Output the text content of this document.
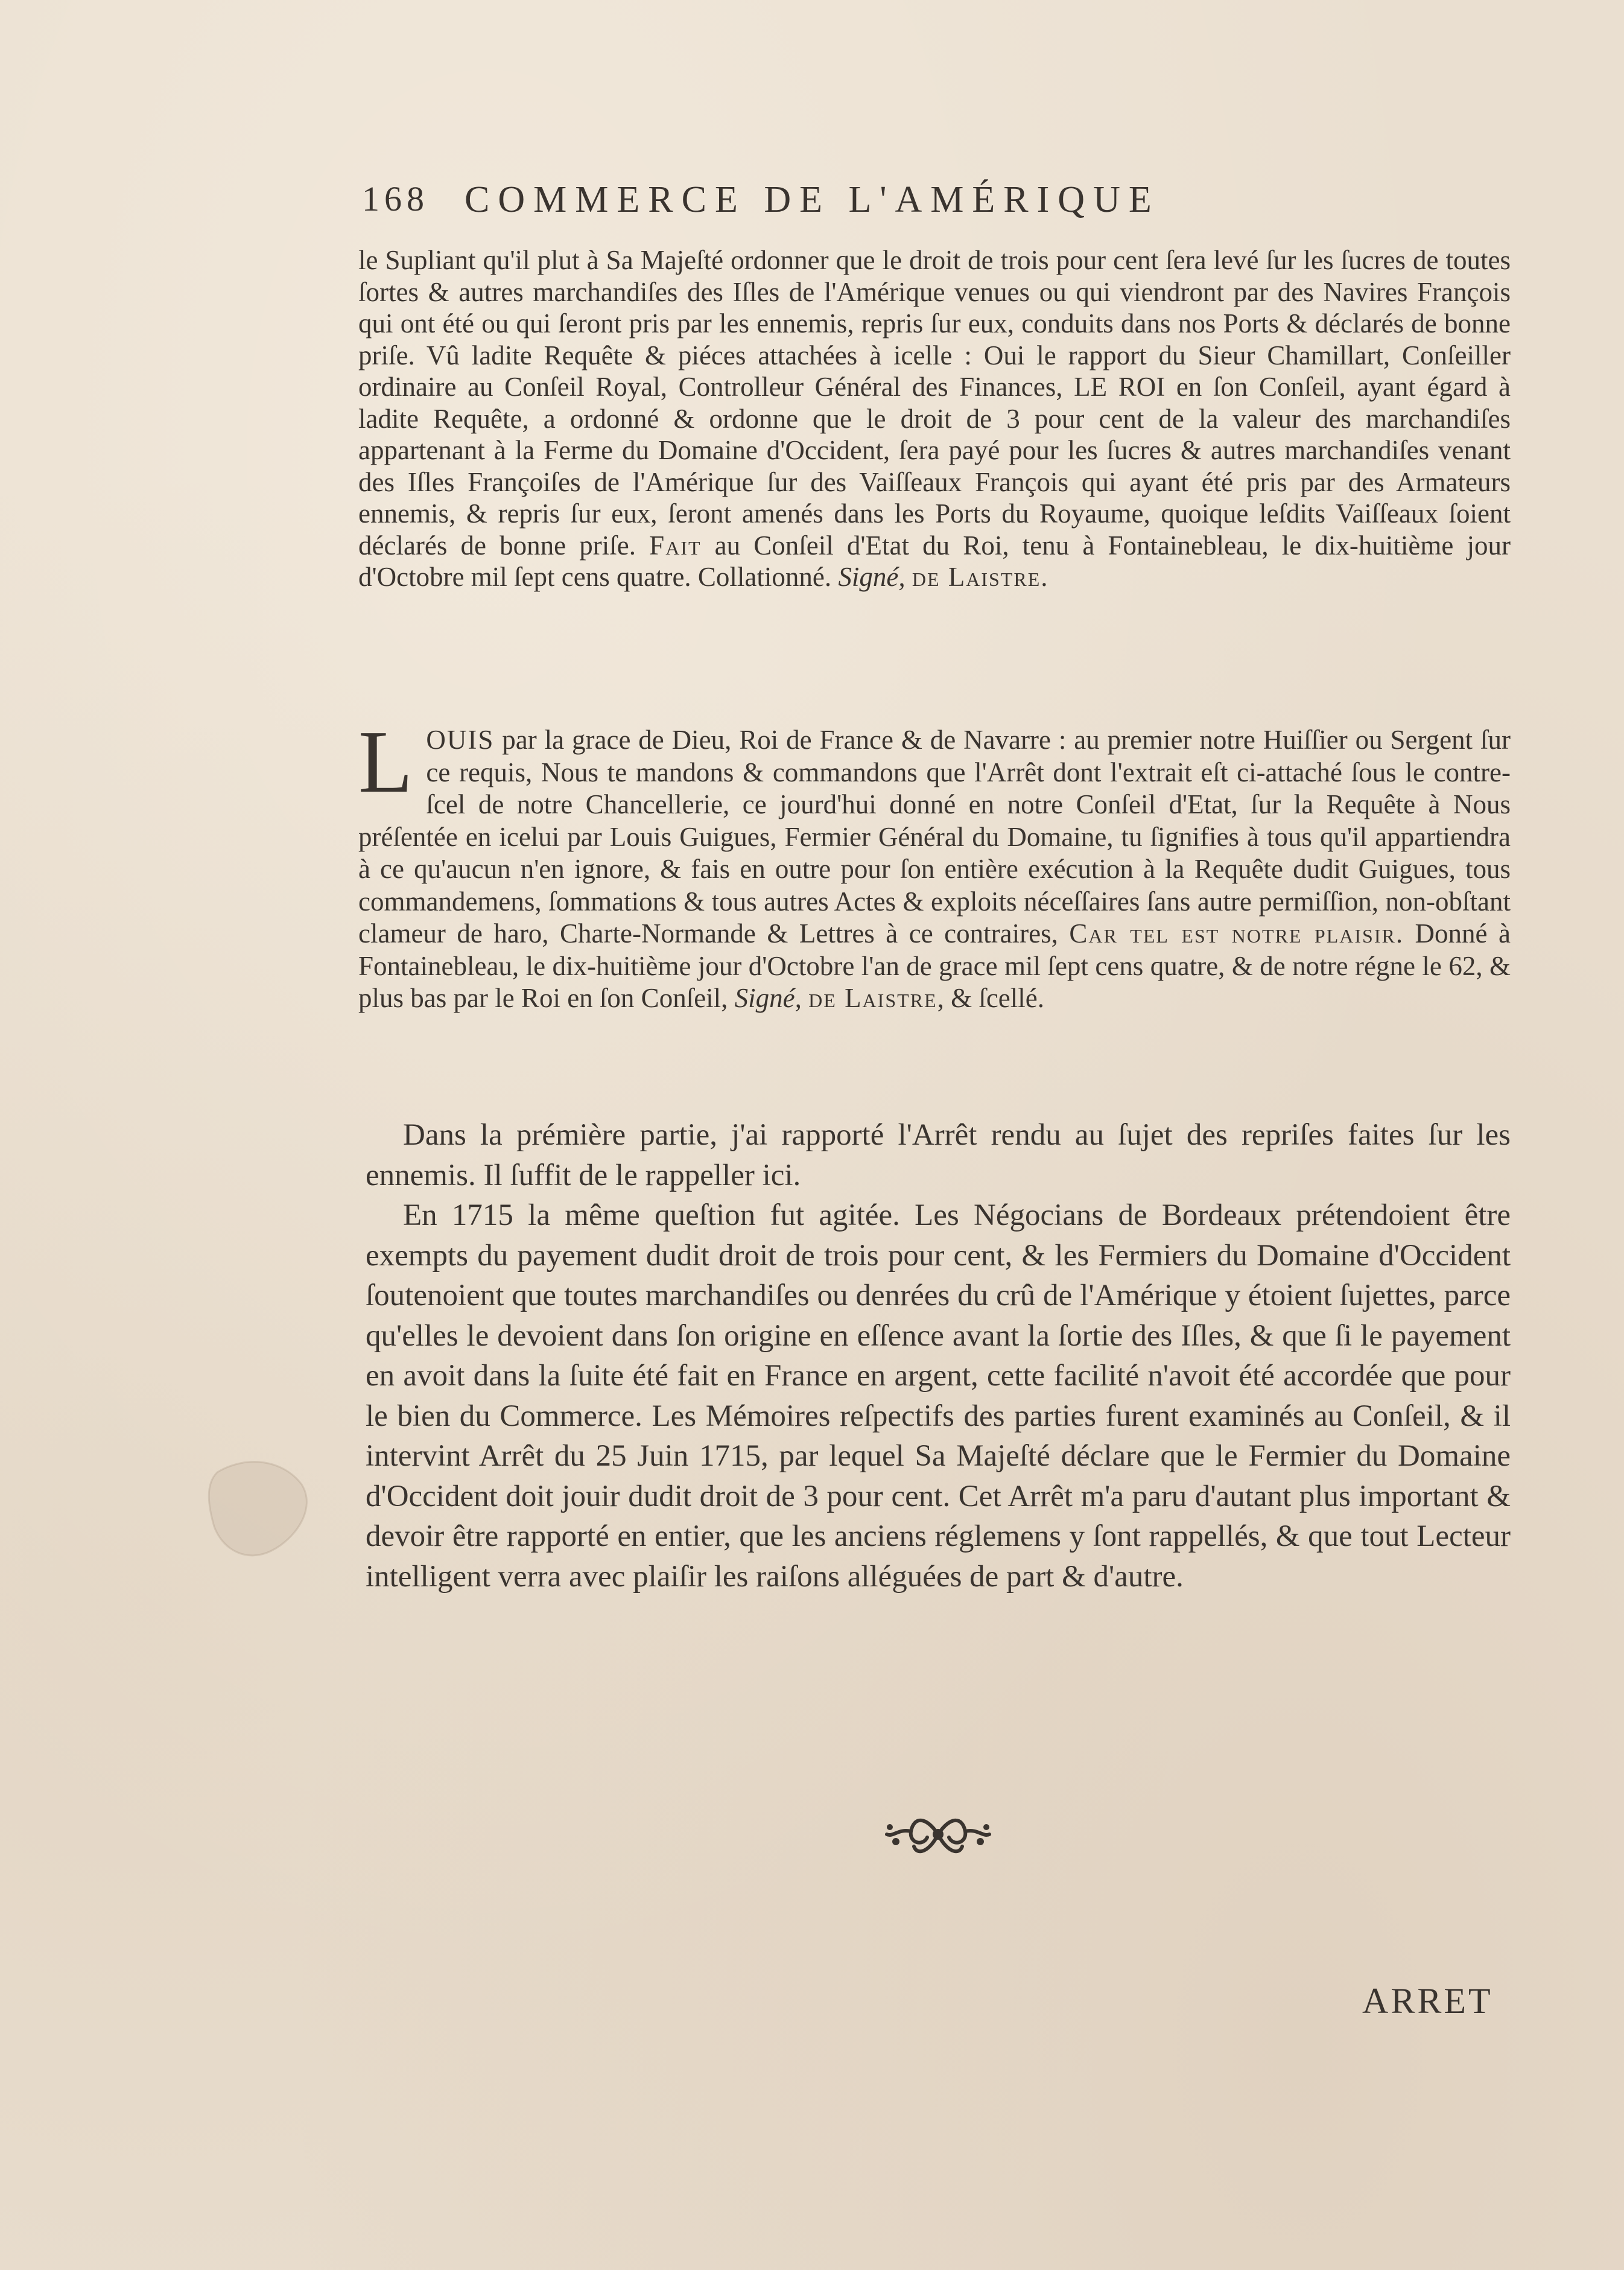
168 COMMERCE DE L'AMÉRIQUE

le Supliant qu'il plut à Sa Majeſté ordonner que le droit de trois pour cent ſera levé ſur les ſucres de toutes ſortes & autres marchandiſes des Iſles de l'Amérique venues ou qui viendront par des Navires François qui ont été ou qui ſeront pris par les ennemis, repris ſur eux, conduits dans nos Ports & déclarés de bonne priſe. Vû ladite Requête & piéces attachées à icelle : Oui le rapport du Sieur Chamillart, Conſeiller ordinaire au Conſeil Royal, Controlleur Général des Finances, LE ROI en ſon Conſeil, ayant égard à ladite Requête, a ordonné & ordonne que le droit de 3 pour cent de la valeur des marchandiſes appartenant à la Ferme du Domaine d'Occident, ſera payé pour les ſucres & autres marchandiſes venant des Iſles Françoiſes de l'Amérique ſur des Vaiſſeaux François qui ayant été pris par des Armateurs ennemis, & repris ſur eux, ſeront amenés dans les Ports du Royaume, quoique leſdits Vaiſſeaux ſoient déclarés de bonne priſe. Fait au Conſeil d'Etat du Roi, tenu à Fontainebleau, le dix-huitième jour d'Octobre mil ſept cens quatre. Collationné. Signé, de Laistre.

LOUIS par la grace de Dieu, Roi de France & de Navarre : au premier notre Huiſſier ou Sergent ſur ce requis, Nous te mandons & commandons que l'Arrêt dont l'extrait eſt ci-attaché ſous le contre-ſcel de notre Chancellerie, ce jourd'hui donné en notre Conſeil d'Etat, ſur la Requête à Nous préſentée en icelui par Louis Guigues, Fermier Général du Domaine, tu ſignifies à tous qu'il appartiendra à ce qu'aucun n'en ignore, & fais en outre pour ſon entière exécution à la Requête dudit Guigues, tous commandemens, ſommations & tous autres Actes & exploits néceſſaires ſans autre permiſſion, non-obſtant clameur de haro, Charte-Normande & Lettres à ce contraires, Car tel est notre plaisir. Donné à Fontainebleau, le dix-huitième jour d'Octobre l'an de grace mil ſept cens quatre, & de notre régne le 62, & plus bas par le Roi en ſon Conſeil, Signé, de Laistre, & ſcellé.

Dans la prémière partie, j'ai rapporté l'Arrêt rendu au ſujet des repriſes faites ſur les ennemis. Il ſuffit de le rappeller ici.

En 1715 la même queſtion fut agitée. Les Négocians de Bordeaux prétendoient être exempts du payement dudit droit de trois pour cent, & les Fermiers du Domaine d'Occident ſoutenoient que toutes marchandiſes ou denrées du crû de l'Amérique y étoient ſujettes, parce qu'elles le devoient dans ſon origine en eſſence avant la ſortie des Iſles, & que ſi le payement en avoit dans la ſuite été fait en France en argent, cette facilité n'avoit été accordée que pour le bien du Commerce. Les Mémoires reſpectifs des parties furent examinés au Conſeil, & il intervint Arrêt du 25 Juin 1715, par lequel Sa Majeſté déclare que le Fermier du Domaine d'Occident doit jouir dudit droit de 3 pour cent. Cet Arrêt m'a paru d'autant plus important & devoir être rapporté en entier, que les anciens réglemens y ſont rappellés, & que tout Lecteur intelligent verra avec plaiſir les raiſons alléguées de part & d'autre.

ARRET
